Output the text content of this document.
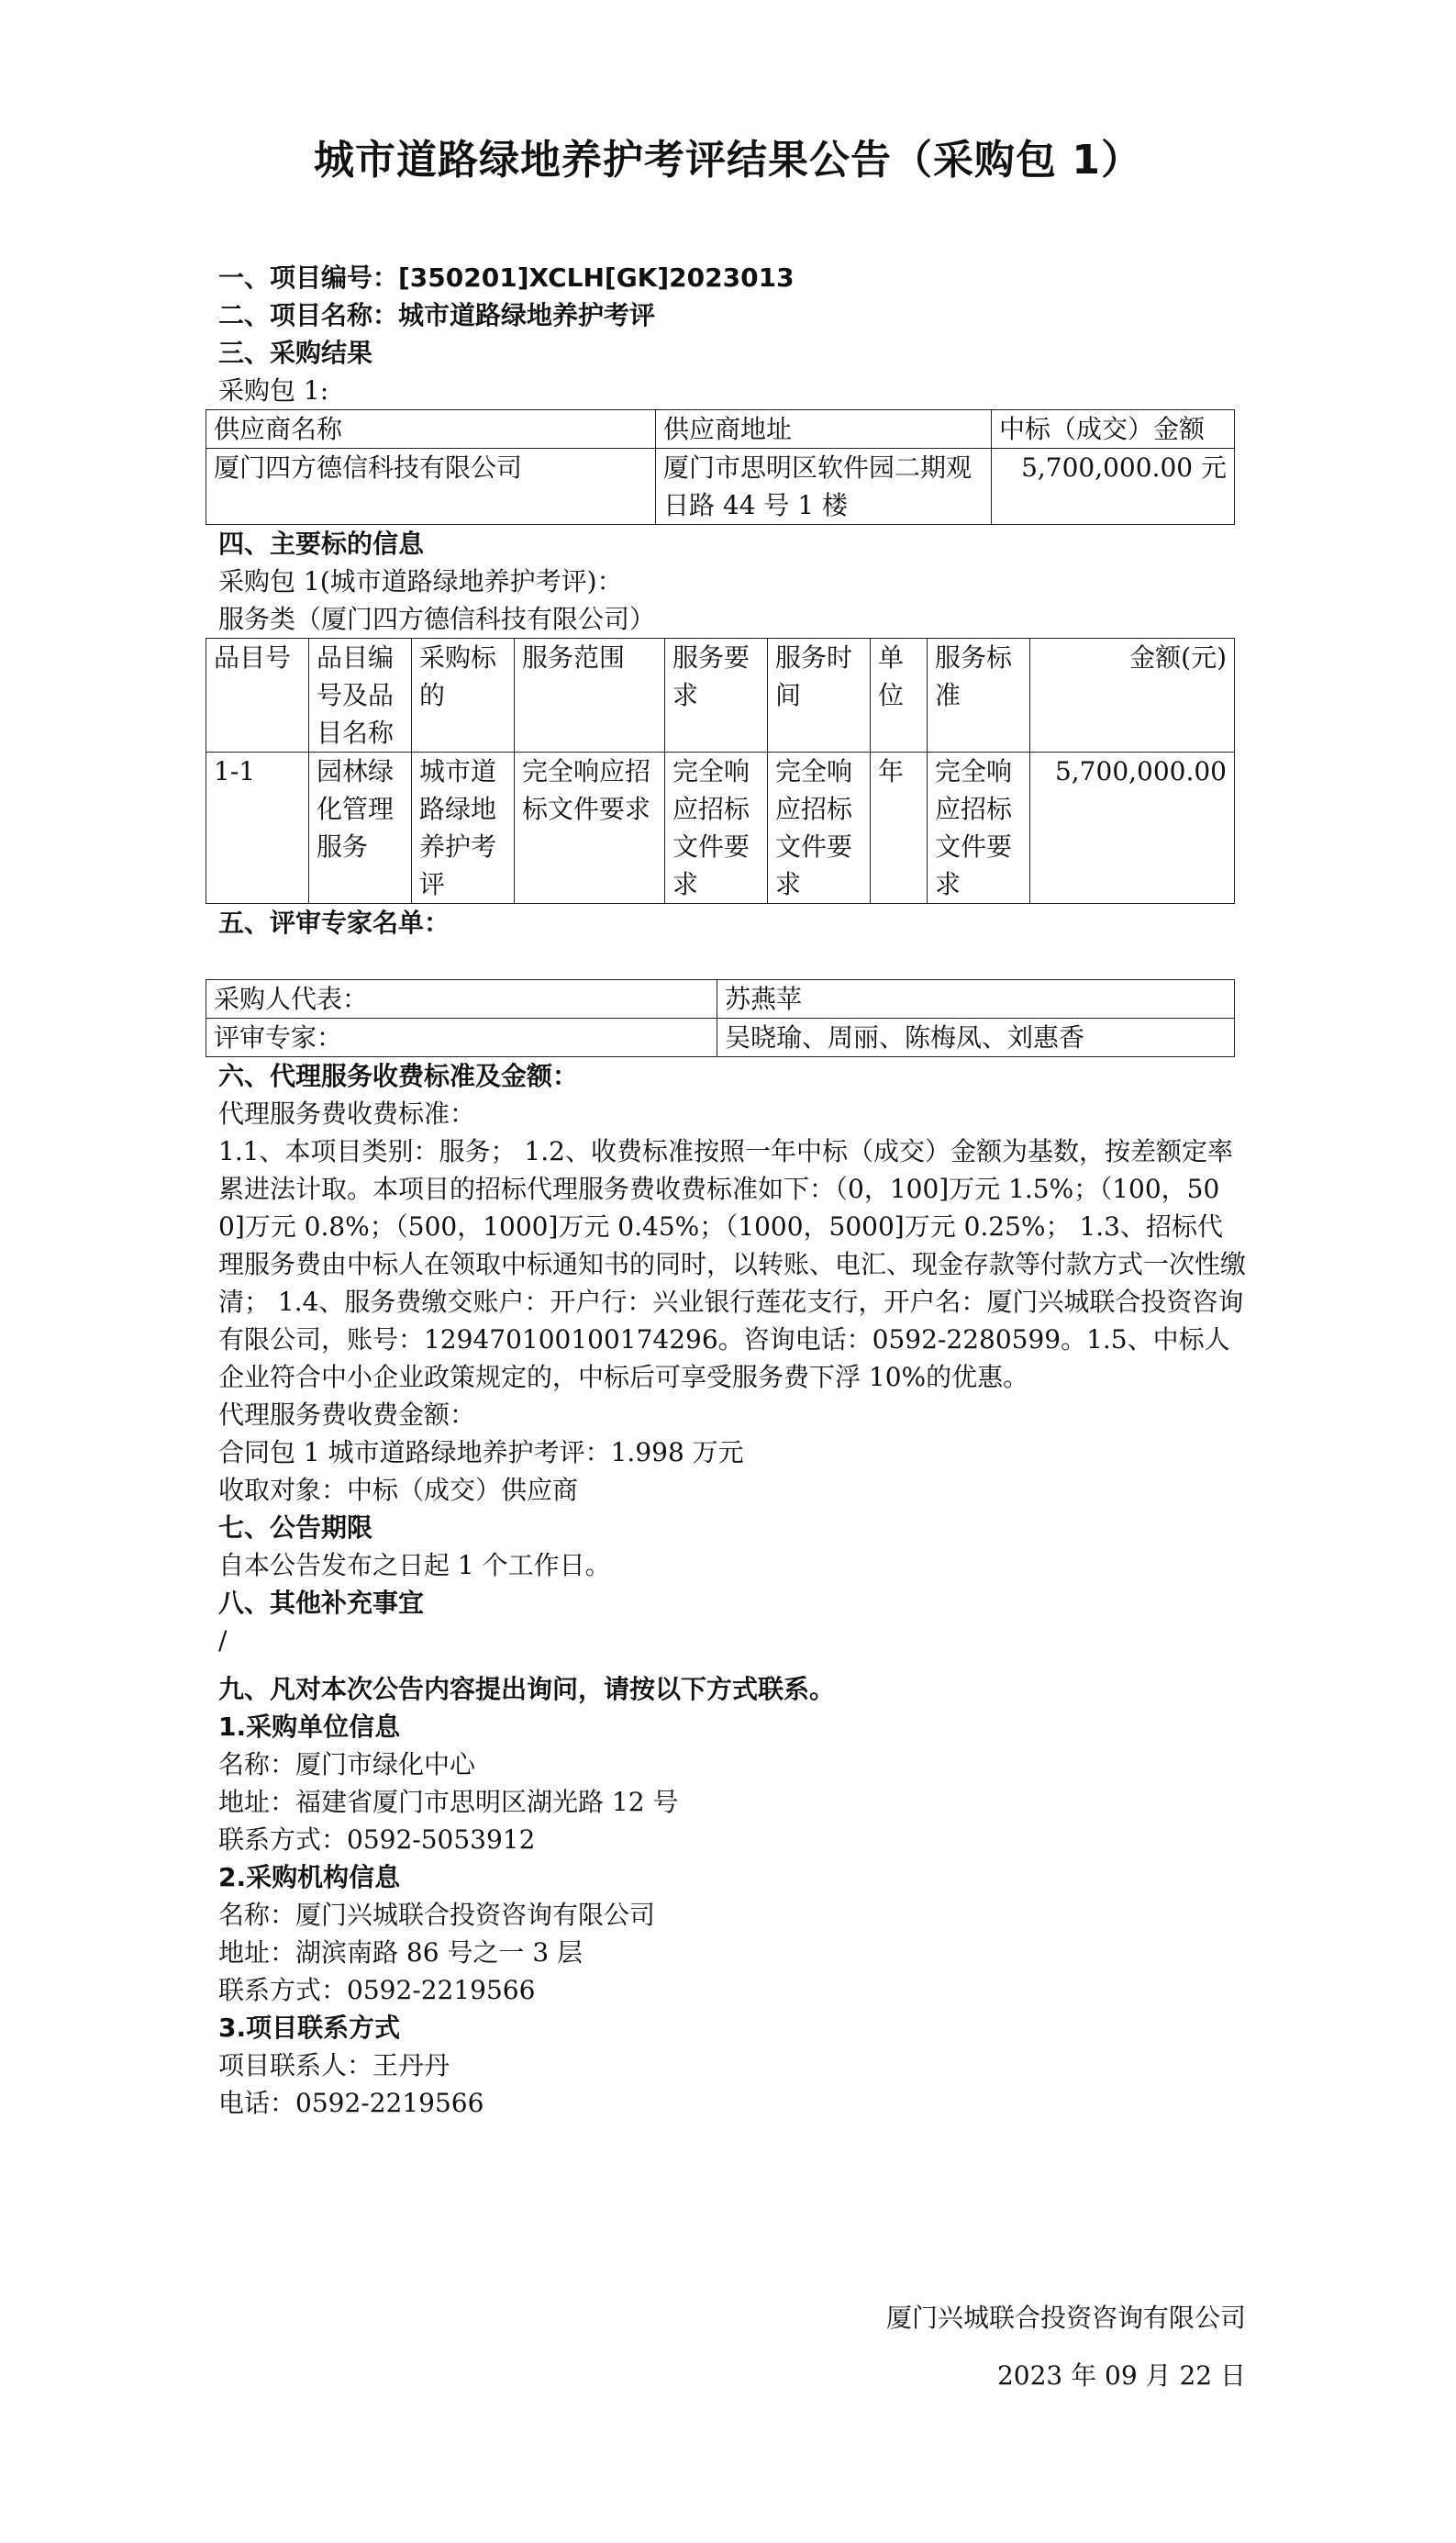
城市道路绿地养护考评结果公告（采购包 1）
一、项目编号：[350201]XCLH[GK]2023013
二、项目名称：城市道路绿地养护考评
三、采购结果
采购包 1:
供应商名称	供应商地址	中标（成交）金额
厦门四方德信科技有限公司	厦门市思明区软件园二期观日路 44 号 1 楼	5,700,000.00 元
四、主要标的信息
采购包 1(城市道路绿地养护考评)：
服务类（厦门四方德信科技有限公司）
品目号	品目编号及品目名称	采购标的	服务范围	服务要求	服务时间	单位	服务标准	金额(元)
1-1	园林绿化管理服务	城市道路绿地养护考评	完全响应招标文件要求	完全响应招标文件要求	完全响应招标文件要求	年	完全响应招标文件要求	5,700,000.00
五、评审专家名单：
采购人代表：	苏燕苹
评审专家：	吴晓瑜、周丽、陈梅凤、刘惠香
六、代理服务收费标准及金额：
代理服务费收费标准：
1.1、本项目类别：服务； 1.2、收费标准按照一年中标（成交）金额为基数，按差额定率累进法计取。本项目的招标代理服务费收费标准如下：（0，100]万元 1.5%；（100，500]万元 0.8%；（500，1000]万元 0.45%；（1000，5000]万元 0.25%； 1.3、招标代理服务费由中标人在领取中标通知书的同时，以转账、电汇、现金存款等付款方式一次性缴清； 1.4、服务费缴交账户：开户行：兴业银行莲花支行，开户名：厦门兴城联合投资咨询有限公司，账号：129470100100174296。咨询电话：0592-2280599。1.5、中标人企业符合中小企业政策规定的，中标后可享受服务费下浮 10%的优惠。
代理服务费收费金额：
合同包 1 城市道路绿地养护考评：1.998 万元
收取对象：中标（成交）供应商
七、公告期限
自本公告发布之日起 1 个工作日。
八、其他补充事宜
/
九、凡对本次公告内容提出询问，请按以下方式联系。
1.采购单位信息
名称：厦门市绿化中心
地址：福建省厦门市思明区湖光路 12 号
联系方式：0592-5053912
2.采购机构信息
名称：厦门兴城联合投资咨询有限公司
地址：湖滨南路 86 号之一 3 层
联系方式：0592-2219566
3.项目联系方式
项目联系人：王丹丹
电话：0592-2219566
厦门兴城联合投资咨询有限公司
2023 年 09 月 22 日
